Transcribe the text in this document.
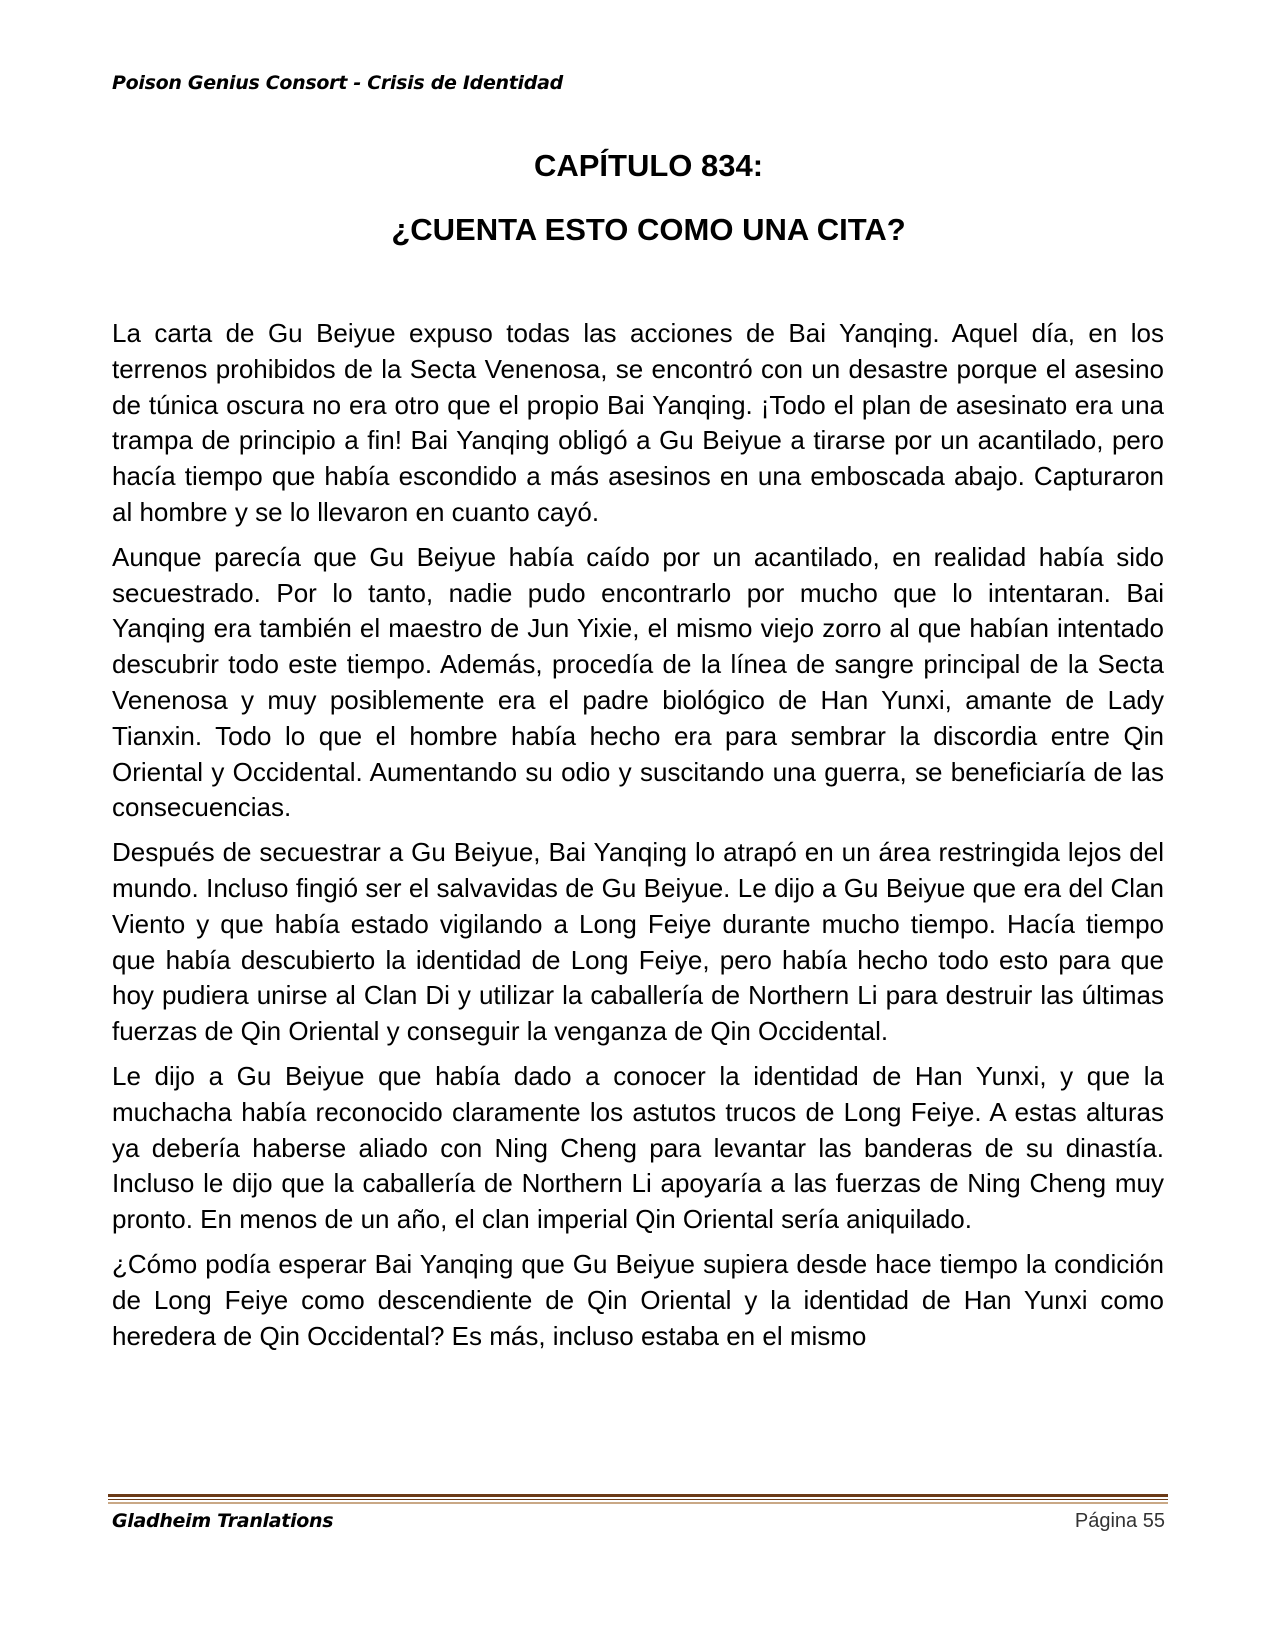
Poison Genius Consort - Crisis de Identidad
CAPÍTULO 834:
¿CUENTA ESTO COMO UNA CITA?

La carta de Gu Beiyue expuso todas las acciones de Bai Yanqing. Aquel día, en los terrenos prohibidos de la Secta Venenosa, se encontró con un desastre porque el asesino de túnica oscura no era otro que el propio Bai Yanqing. ¡Todo el plan de asesinato era una trampa de principio a fin! Bai Yanqing obligó a Gu Beiyue a tirarse por un acantilado, pero hacía tiempo que había escondido a más asesinos en una emboscada abajo. Capturaron al hombre y se lo llevaron en cuanto cayó.

Aunque parecía que Gu Beiyue había caído por un acantilado, en realidad había sido secuestrado. Por lo tanto, nadie pudo encontrarlo por mucho que lo intentaran. Bai Yanqing era también el maestro de Jun Yixie, el mismo viejo zorro al que habían intentado descubrir todo este tiempo. Además, procedía de la línea de sangre principal de la Secta Venenosa y muy posiblemente era el padre biológico de Han Yunxi, amante de Lady Tianxin. Todo lo que el hombre había hecho era para sembrar la discordia entre Qin Oriental y Occidental. Aumentando su odio y suscitando una guerra, se beneficiaría de las consecuencias.

Después de secuestrar a Gu Beiyue, Bai Yanqing lo atrapó en un área restringida lejos del mundo. Incluso fingió ser el salvavidas de Gu Beiyue. Le dijo a Gu Beiyue que era del Clan Viento y que había estado vigilando a Long Feiye durante mucho tiempo. Hacía tiempo que había descubierto la identidad de Long Feiye, pero había hecho todo esto para que hoy pudiera unirse al Clan Di y utilizar la caballería de Northern Li para destruir las últimas fuerzas de Qin Oriental y conseguir la venganza de Qin Occidental.

Le dijo a Gu Beiyue que había dado a conocer la identidad de Han Yunxi, y que la muchacha había reconocido claramente los astutos trucos de Long Feiye. A estas alturas ya debería haberse aliado con Ning Cheng para levantar las banderas de su dinastía. Incluso le dijo que la caballería de Northern Li apoyaría a las fuerzas de Ning Cheng muy pronto. En menos de un año, el clan imperial Qin Oriental sería aniquilado.

¿Cómo podía esperar Bai Yanqing que Gu Beiyue supiera desde hace tiempo la condición de Long Feiye como descendiente de Qin Oriental y la identidad de Han Yunxi como heredera de Qin Occidental? Es más, incluso estaba en el mismo

Gladheim Tranlations	Página 55
